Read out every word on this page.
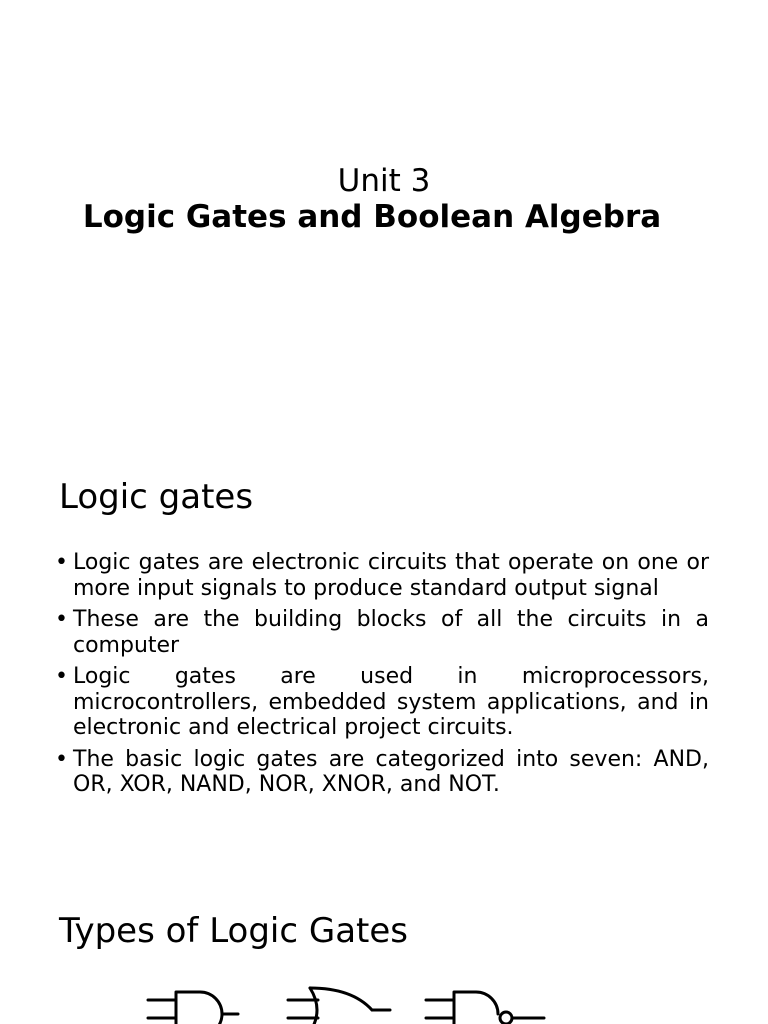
Unit 3
Logic Gates and Boolean Algebra
Logic gates
• Logic gates are electronic circuits that operate on one or more input signals to produce standard output signal
• These are the building blocks of all the circuits in a computer
• Logic gates are used in microprocessors, microcontrollers, embedded system applications, and in electronic and electrical project circuits.
• The basic logic gates are categorized into seven: AND, OR, XOR, NAND, NOR, XNOR, and NOT.
Types of Logic Gates
